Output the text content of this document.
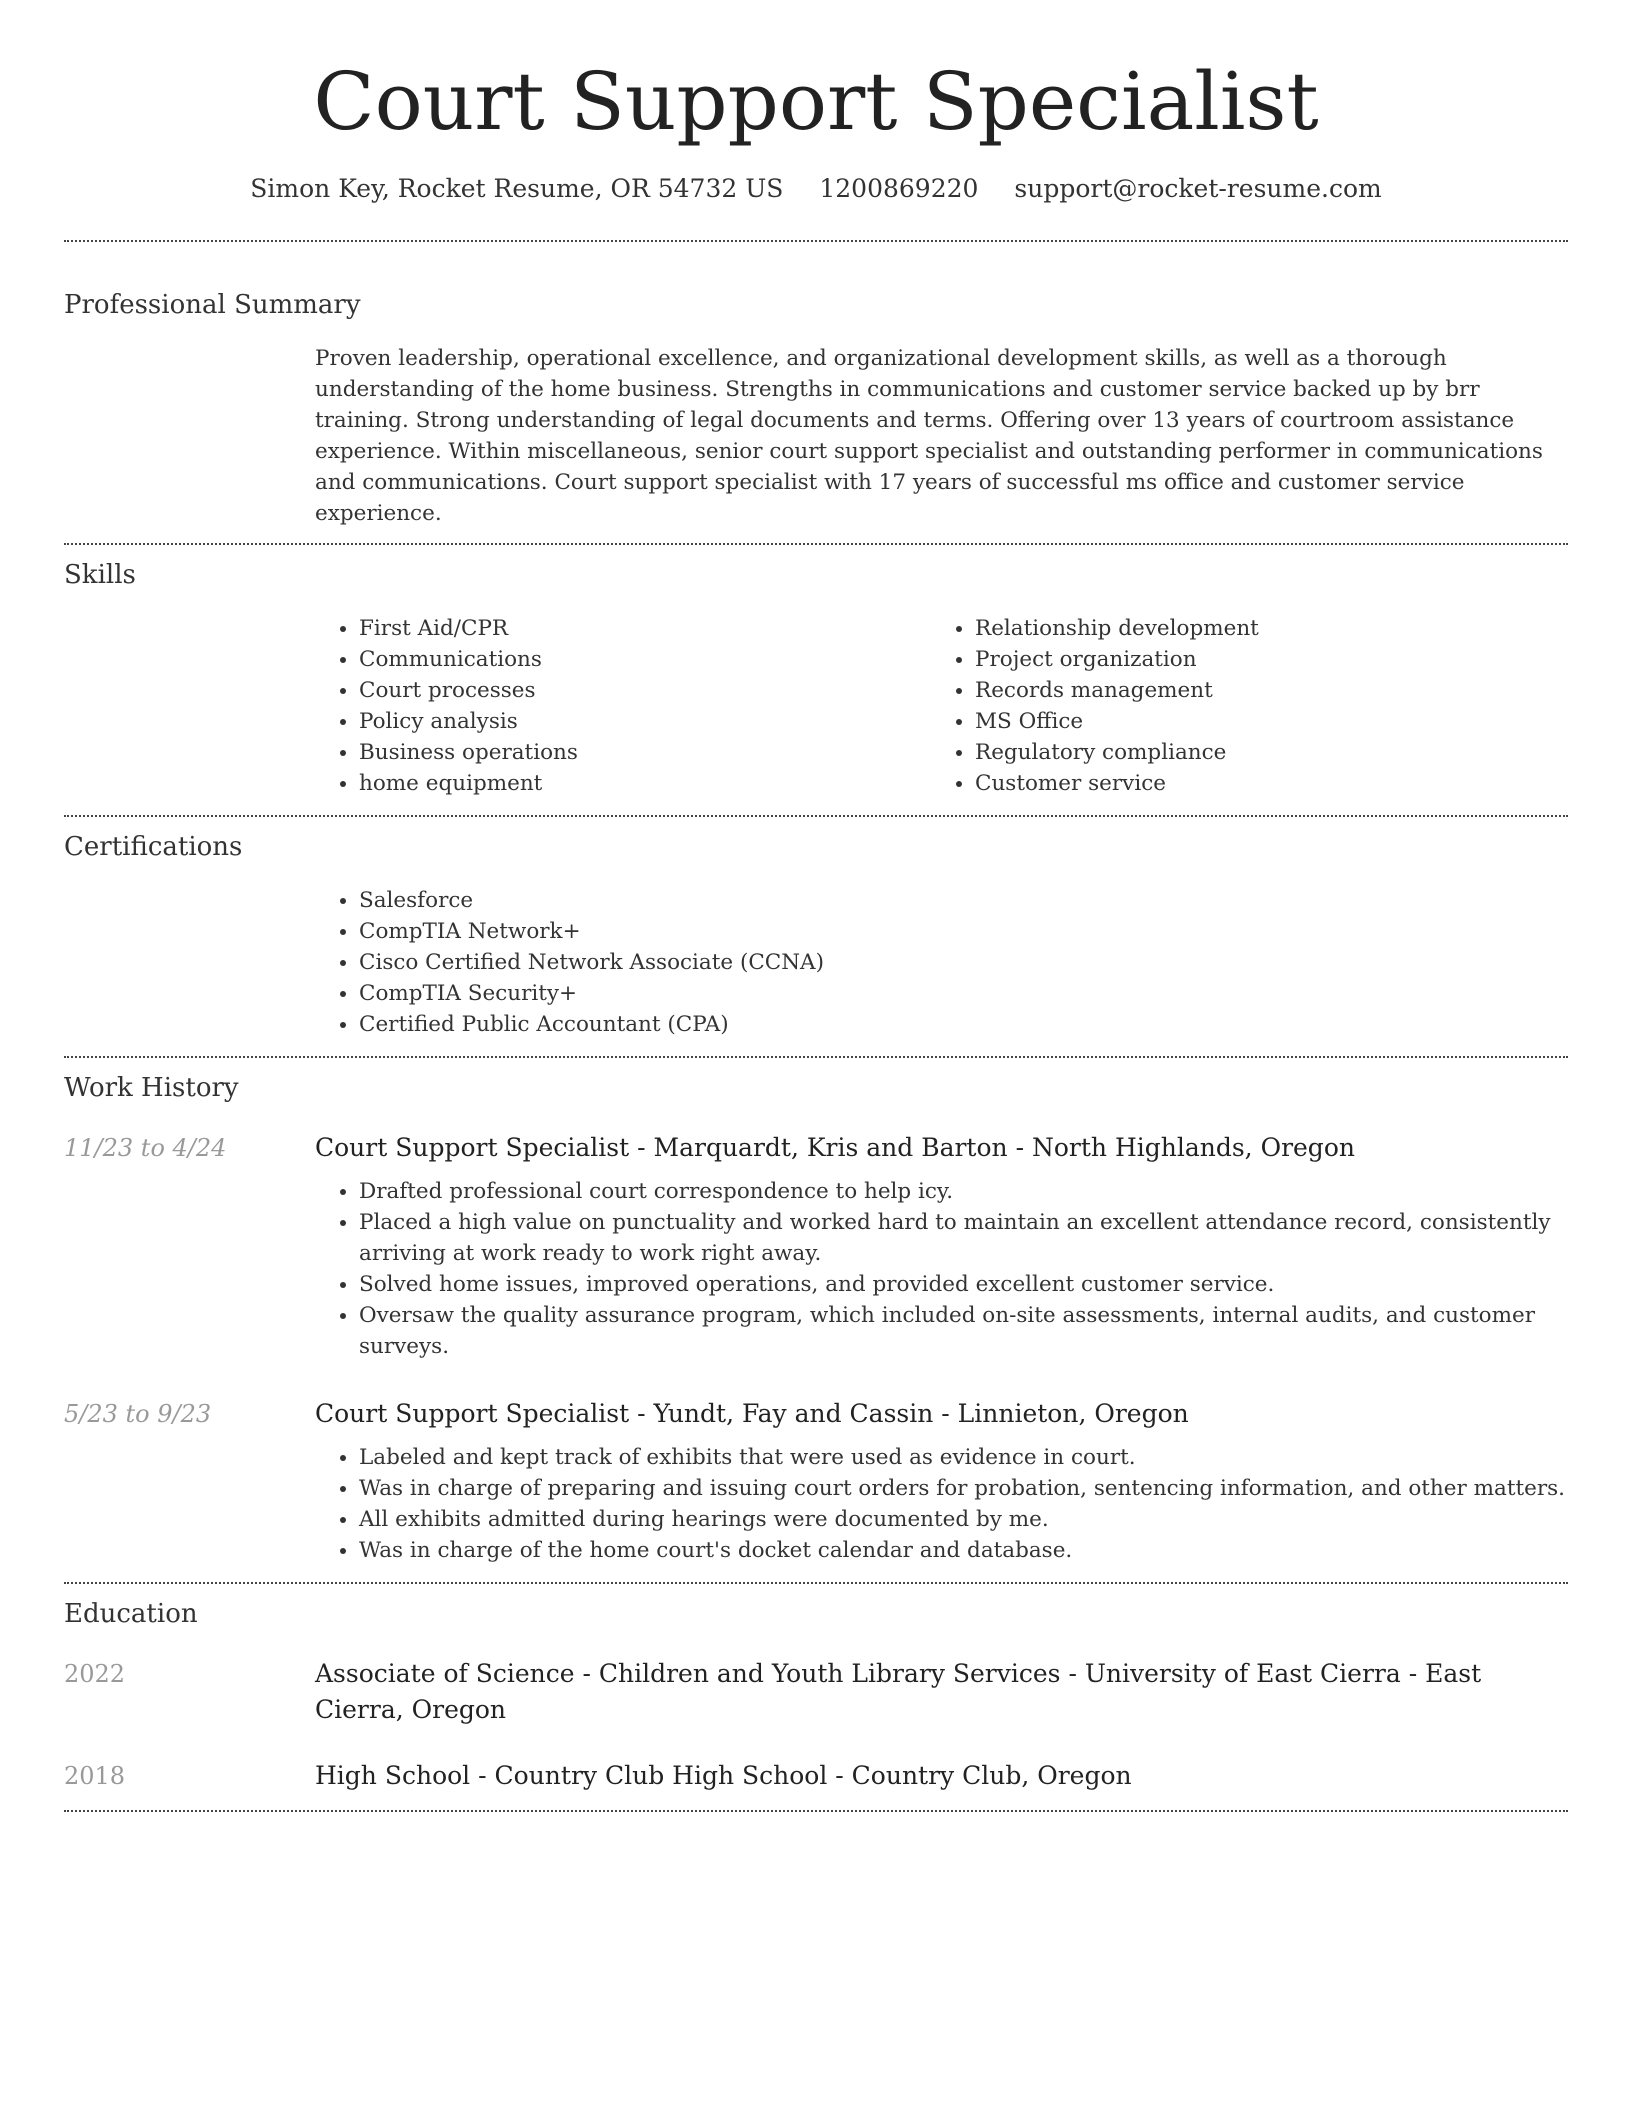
Court Support Specialist
Simon Key, Rocket Resume, OR 54732 US 1200869220 support@rocket-resume.com
Professional Summary

Proven leadership, operational excellence, and organizational development skills, as well as a thorough understanding of the home business. Strengths in communications and customer service backed up by brr training. Strong understanding of legal documents and terms. Offering over 13 years of courtroom assistance experience. Within miscellaneous, senior court support specialist and outstanding performer in communications and communications. Court support specialist with 17 years of successful ms office and customer service experience.

Skills
• First Aid/CPR
• Communications
• Court processes
• Policy analysis
• Business operations
• home equipment
• Relationship development
• Project organization
• Records management
• MS Office
• Regulatory compliance
• Customer service
Certifications
• Salesforce
• CompTIA Network+
• Cisco Certified Network Associate (CCNA)
• CompTIA Security+
• Certified Public Accountant (CPA)
Work History
11/23 to 4/24	Court Support Specialist - Marquardt, Kris and Barton - North Highlands, Oregon
• Drafted professional court correspondence to help icy.
• Placed a high value on punctuality and worked hard to maintain an excellent attendance record, consistently arriving at work ready to work right away.
• Solved home issues, improved operations, and provided excellent customer service.
• Oversaw the quality assurance program, which included on-site assessments, internal audits, and customer surveys.
5/23 to 9/23	Court Support Specialist - Yundt, Fay and Cassin - Linnieton, Oregon
• Labeled and kept track of exhibits that were used as evidence in court.
• Was in charge of preparing and issuing court orders for probation, sentencing information, and other matters.
• All exhibits admitted during hearings were documented by me.
• Was in charge of the home court's docket calendar and database.
Education
2022	Associate of Science - Children and Youth Library Services - University of East Cierra - East Cierra, Oregon
2018	High School - Country Club High School - Country Club, Oregon
